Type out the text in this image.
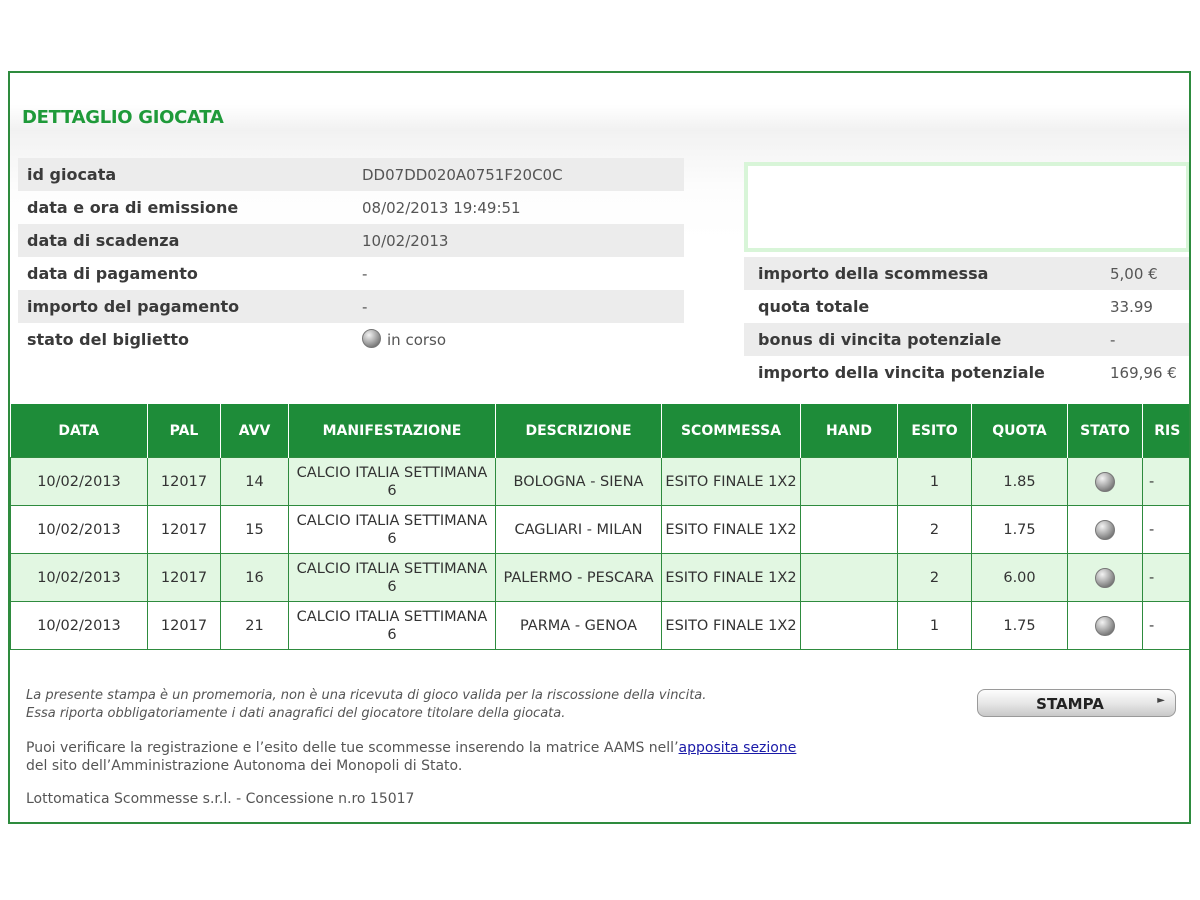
DETTAGLIO GIOCATA
id giocata	DD07DD020A0751F20C0C
data e ora di emissione	08/02/2013 19:49:51
data di scadenza	10/02/2013
data di pagamento	-
importo del pagamento	-
stato del biglietto	in corso
importo della scommessa	5,00 €
quota totale	33.99
bonus di vincita potenziale	-
importo della vincita potenziale	169,96 €
DATA	PAL	AVV	MANIFESTAZIONE	DESCRIZIONE	SCOMMESSA	HAND	ESITO	QUOTA	STATO	RIS
10/02/2013	12017	14	CALCIO ITALIA SETTIMANA 6	BOLOGNA - SIENA	ESITO FINALE 1X2		1	1.85		-
10/02/2013	12017	15	CALCIO ITALIA SETTIMANA 6	CAGLIARI - MILAN	ESITO FINALE 1X2		2	1.75		-
10/02/2013	12017	16	CALCIO ITALIA SETTIMANA 6	PALERMO - PESCARA	ESITO FINALE 1X2		2	6.00		-
10/02/2013	12017	21	CALCIO ITALIA SETTIMANA 6	PARMA - GENOA	ESITO FINALE 1X2		1	1.75		-
La presente stampa è un promemoria, non è una ricevuta di gioco valida per la riscossione della vincita.
Essa riporta obbligatoriamente i dati anagrafici del giocatore titolare della giocata.
Puoi verificare la registrazione e l’esito delle tue scommesse inserendo la matrice AAMS nell’apposita sezione
del sito dell’Amministrazione Autonoma dei Monopoli di Stato.
Lottomatica Scommesse s.r.l. - Concessione n.ro 15017
STAMPA	►
